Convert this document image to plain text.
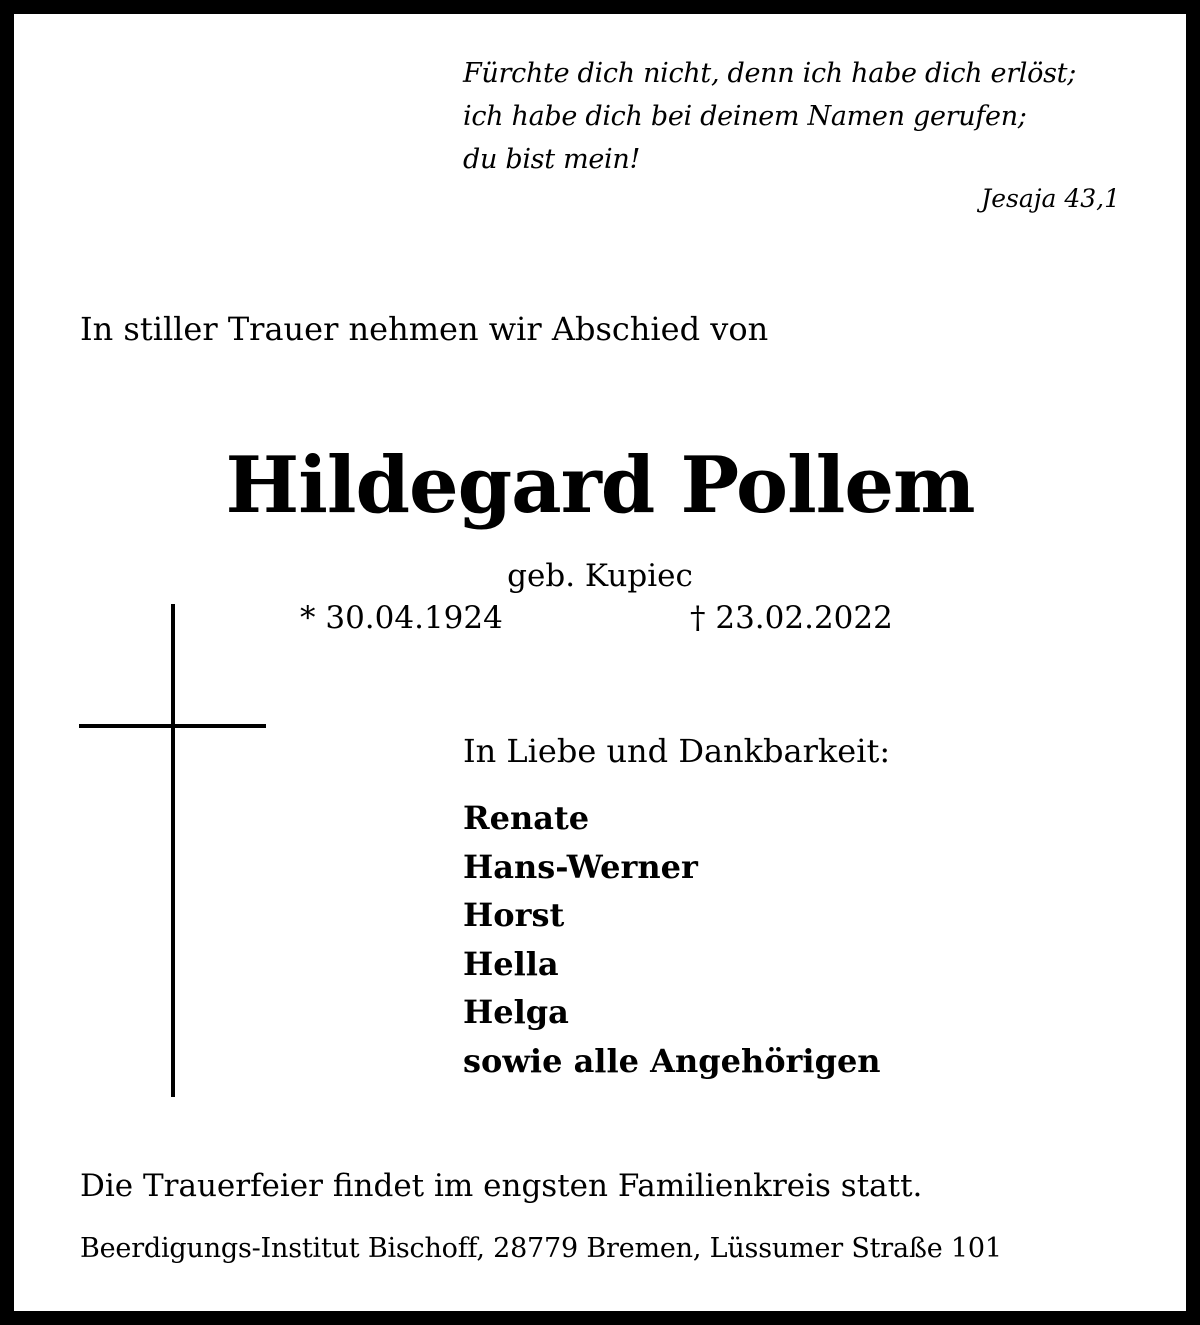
Fürchte dich nicht, denn ich habe dich erlöst;
ich habe dich bei deinem Namen gerufen;
du bist mein!
Jesaja 43,1
In stiller Trauer nehmen wir Abschied von
Hildegard Pollem
geb. Kupiec
* 30.04.1924	† 23.02.2022
In Liebe und Dankbarkeit:
Renate
Hans-Werner
Horst
Hella
Helga
sowie alle Angehörigen
Die Trauerfeier findet im engsten Familienkreis statt.
Beerdigungs-Institut Bischoff, 28779 Bremen, Lüssumer Straße 101
